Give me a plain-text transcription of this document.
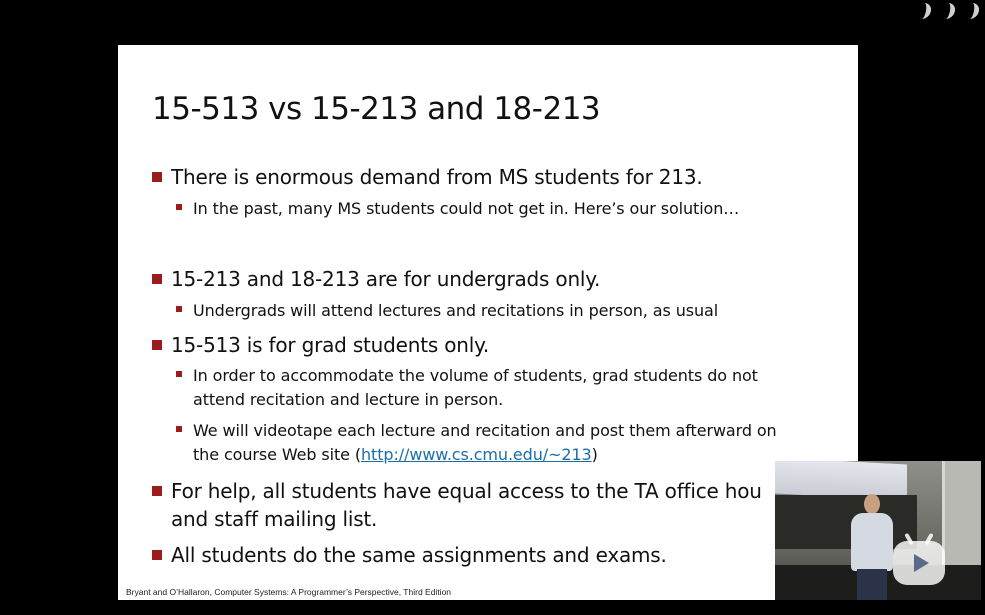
15-513 vs 15-213 and 18-213
There is enormous demand from MS students for 213.
In the past, many MS students could not get in. Here’s our solution…
15-213 and 18-213 are for undergrads only.
Undergrads will attend lectures and recitations in person, as usual
15-513 is for grad students only.
In order to accommodate the volume of students, grad students do not
attend recitation and lecture in person.
We will videotape each lecture and recitation and post them afterward on
the course Web site (http://www.cs.cmu.edu/~213)
For help, all students have equal access to the TA office hou
and staff mailing list.
All students do the same assignments and exams.
Bryant and O’Hallaron, Computer Systems: A Programmer’s Perspective, Third Edition
